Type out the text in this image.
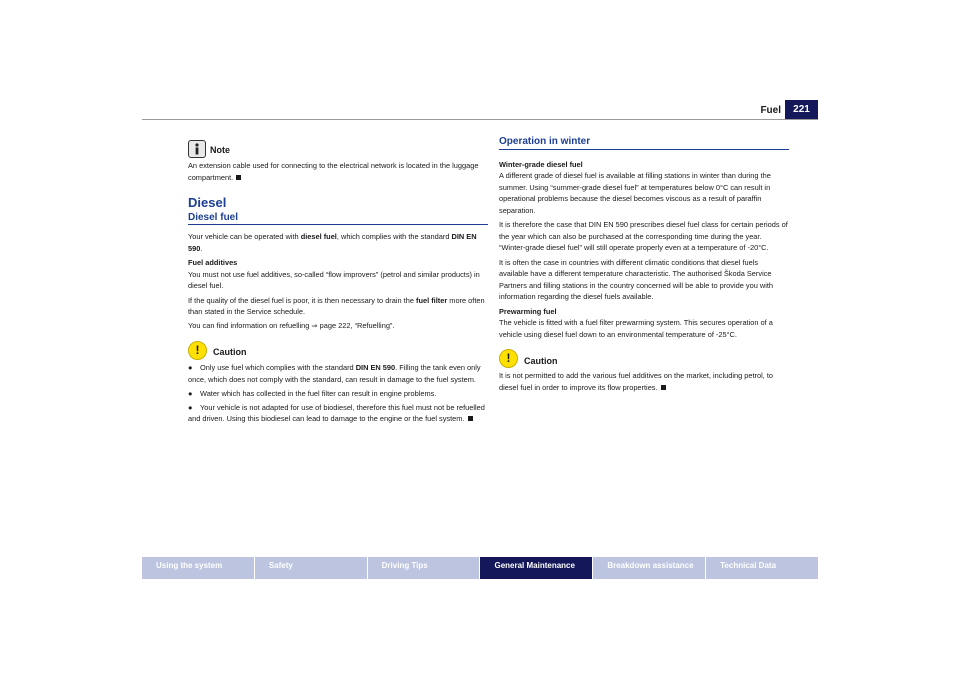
Fuel	221
Note

An extension cable used for connecting to the electrical network is located in the luggage compartment.

Diesel
Diesel fuel

Your vehicle can be operated with diesel fuel, which complies with the standard DIN EN 590.

Fuel additives

You must not use fuel additives, so-called “flow improvers” (petrol and similar products) in diesel fuel.

If the quality of the diesel fuel is poor, it is then necessary to drain the fuel filter more often than stated in the Service schedule.

You can find information on refuelling ⇒ page 222, “Refuelling”.

!	Caution

● Only use fuel which complies with the standard DIN EN 590. Filling the tank even only once, which does not comply with the standard, can result in damage to the fuel system.

● Water which has collected in the fuel filter can result in engine problems.

● Your vehicle is not adapted for use of biodiesel, therefore this fuel must not be refuelled and driven. Using this biodiesel can lead to damage to the engine or the fuel system.

Operation in winter

Winter-grade diesel fuel

A different grade of diesel fuel is available at filling stations in winter than during the summer. Using “summer-grade diesel fuel” at temperatures below 0°C can result in operational problems because the diesel becomes viscous as a result of paraffin separation.

It is therefore the case that DIN EN 590 prescribes diesel fuel class for certain periods of the year which can also be purchased at the corresponding time during the year. “Winter-grade diesel fuel” will still operate properly even at a temperature of -20°C.

It is often the case in countries with different climatic conditions that diesel fuels available have a different temperature characteristic. The authorised Škoda Service Partners and filling stations in the country concerned will be able to provide you with information regarding the diesel fuels available.

Prewarming fuel

The vehicle is fitted with a fuel filter prewarming system. This secures operation of a vehicle using diesel fuel down to an environmental temperature of -25°C.

!	Caution

It is not permitted to add the various fuel additives on the market, including petrol, to diesel fuel in order to improve its flow properties.

Using the system	Safety	Driving Tips	General Maintenance	Breakdown assistance	Technical Data
